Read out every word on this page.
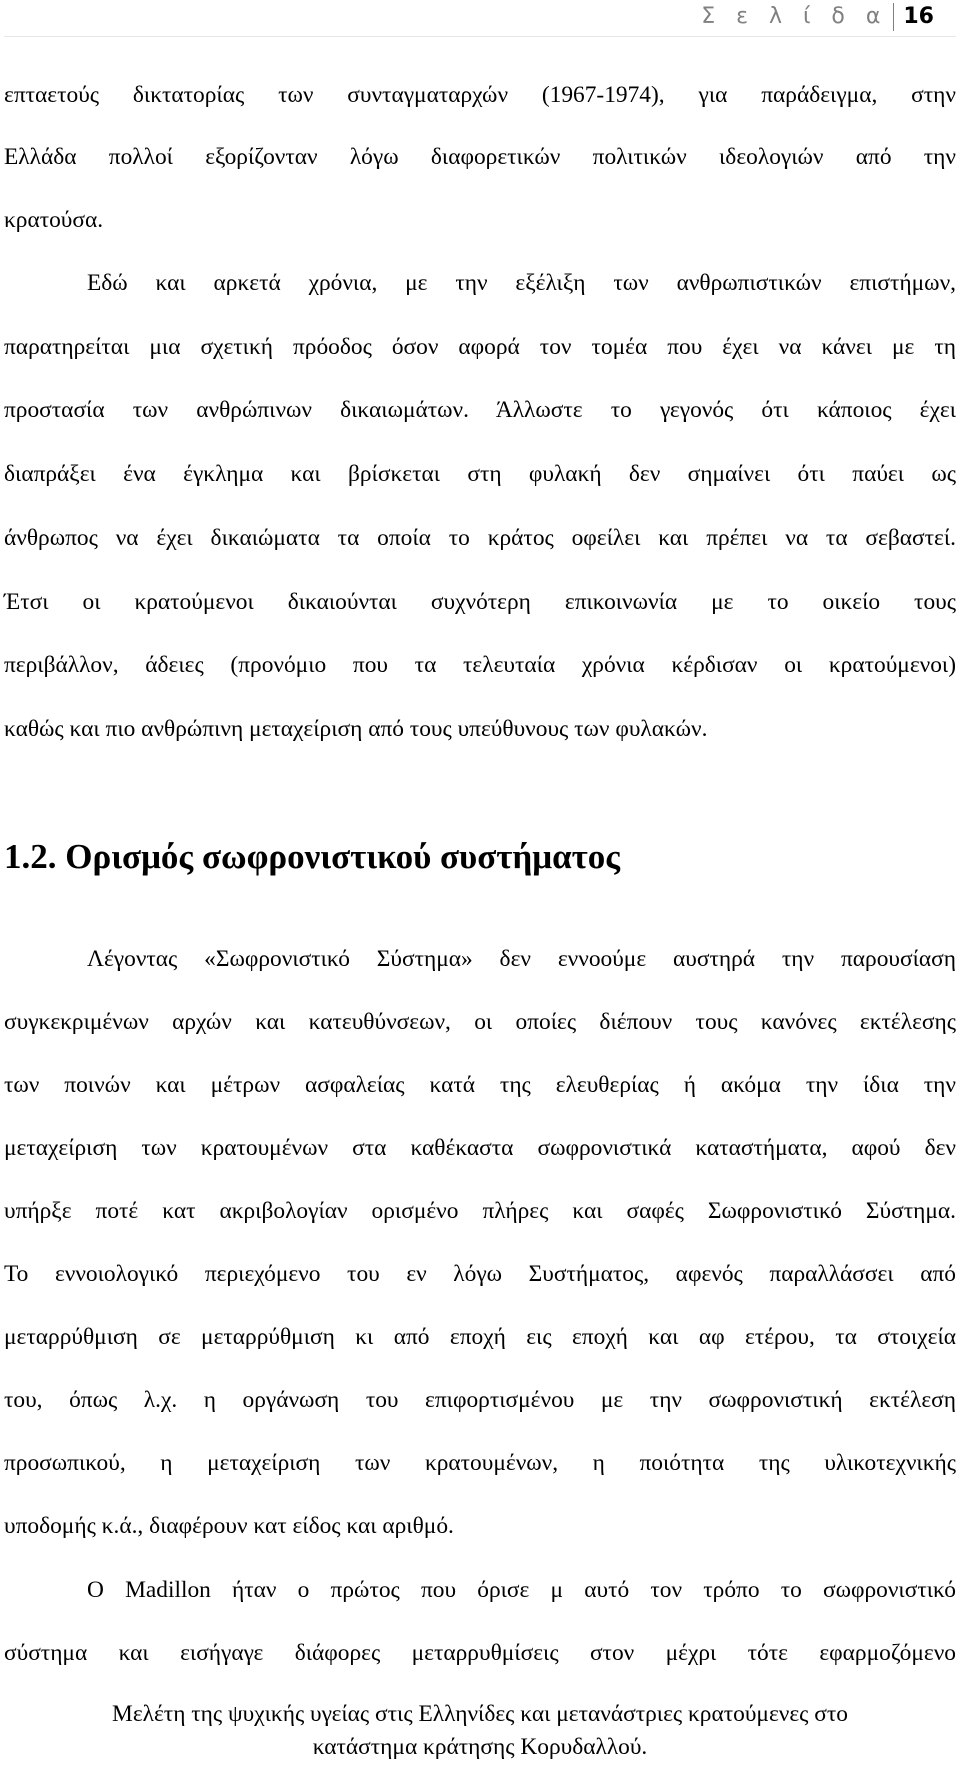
Σ ε λ ί δ α 16
επταετούς δικτατορίας των συνταγματαρχών (1967-1974), για παράδειγμα, στην
Ελλάδα πολλοί εξορίζονταν λόγω διαφορετικών πολιτικών ιδεολογιών από την
κρατούσα.
Εδώ και αρκετά χρόνια, με την εξέλιξη των ανθρωπιστικών επιστήμων,
παρατηρείται μια σχετική πρόοδος όσον αφορά τον τομέα που έχει να κάνει με τη
προστασία των ανθρώπινων δικαιωμάτων. Άλλωστε το γεγονός ότι κάποιος έχει
διαπράξει ένα έγκλημα και βρίσκεται στη φυλακή δεν σημαίνει ότι παύει ως
άνθρωπος να έχει δικαιώματα τα οποία το κράτος οφείλει και πρέπει να τα σεβαστεί.
Έτσι οι κρατούμενοι δικαιούνται συχνότερη επικοινωνία με το οικείο τους
περιβάλλον, άδειες (προνόμιο που τα τελευταία χρόνια κέρδισαν οι κρατούμενοι)
καθώς και πιο ανθρώπινη μεταχείριση από τους υπεύθυνους των φυλακών.
1.2. Ορισμός σωφρονιστικού συστήματος
Λέγοντας «Σωφρονιστικό Σύστημα» δεν εννοούμε αυστηρά την παρουσίαση
συγκεκριμένων αρχών και κατευθύνσεων, οι οποίες διέπουν τους κανόνες εκτέλεσης
των ποινών και μέτρων ασφαλείας κατά της ελευθερίας ή ακόμα την ίδια την
μεταχείριση των κρατουμένων στα καθέκαστα σωφρονιστικά καταστήματα, αφού δεν
υπήρξε ποτέ κατ ακριβολογίαν ορισμένο πλήρες και σαφές Σωφρονιστικό Σύστημα.
Το εννοιολογικό περιεχόμενο του εν λόγω Συστήματος, αφενός παραλλάσσει από
μεταρρύθμιση σε μεταρρύθμιση κι από εποχή εις εποχή και αφ ετέρου, τα στοιχεία
του, όπως λ.χ. η οργάνωση του επιφορτισμένου με την σωφρονιστική εκτέλεση
προσωπικού, η μεταχείριση των κρατουμένων, η ποιότητα της υλικοτεχνικής
υποδομής κ.ά., διαφέρουν κατ είδος και αριθμό.
Ο Madillon ήταν ο πρώτος που όρισε μ αυτό τον τρόπο το σωφρονιστικό
σύστημα και εισήγαγε διάφορες μεταρρυθμίσεις στον μέχρι τότε εφαρμοζόμενο
Μελέτη της ψυχικής υγείας στις Ελληνίδες και μετανάστριες κρατούμενες στο
κατάστημα κράτησης Κορυδαλλού.
